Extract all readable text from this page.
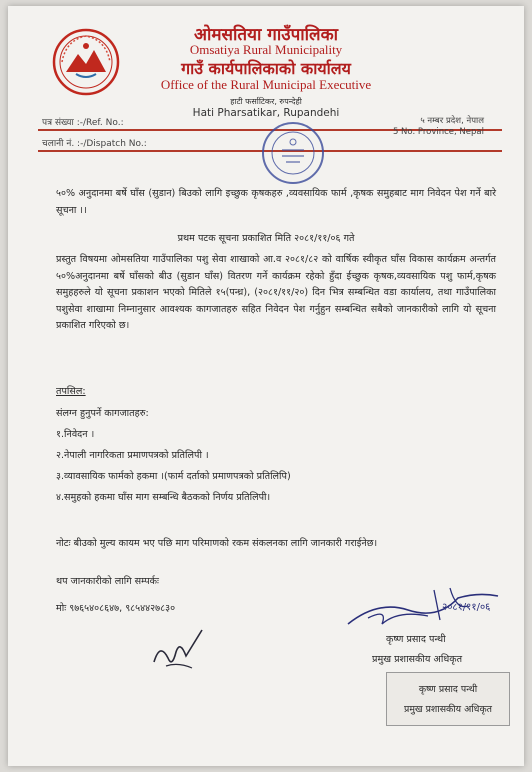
ओमसतिया गाउँपालिका
Omsatiya Rural Municipality
गाउँ कार्यपालिकाको कार्यालय
Office of the Rural Municipal Executive
हाटी फर्साटिकर, रुपन्देही
Hati Pharsatikar, Rupandehi
पत्र संख्या :-/Ref. No.:
चलानी नं. :-/Dispatch No.:
५ नम्बर प्रदेश, नेपाल
5 No. Province, Nepal
५०% अनुदानमा बर्षे घाँस (सुडान) बिउको लागि इच्छुक कृषकहरु ,व्यवसायिक फार्म ,कृषक समुहबाट माग निवेदन पेश गर्ने बारे सूचना ।।
प्रथम पटक सूचना प्रकाशित मिति २०८१/११/०६ गते
प्रस्तुत विषयमा ओमसतिया गाउँपालिका पशु सेवा शाखाको आ.व २०८१/८२ को वार्षिक स्वीकृत घाँस विकास कार्यक्रम अन्तर्गत ५०%अनुदानमा बर्षे घाँसको बीउ (सुडान घाँस) वितरण गर्ने कार्यक्रम रहेको हुँदा ईच्छुक कृषक,व्यवसायिक पशु फार्म,कृषक समुहहरुले यो सूचना प्रकाशन भएको मितिले १५(पन्ध्र), (२०८१/११/२०) दिन भित्र सम्बन्धित वडा कार्यालय, तथा गाउँपालिका पशुसेवा शाखामा निम्नानुसार आवश्यक कागजातहरु सहित निवेदन पेश गर्नुहुन सम्बन्धित सबैको जानकारीको लागि यो सूचना प्रकाशित गरिएको छ।
तपसिल:
संलग्न हुनुपर्ने कागजातहरु:
१.निवेदन ।
२.नेपाली नागरिकता प्रमाणपत्रको प्रतिलिपी ।
३.व्यावसायिक फार्मको हकमा ।(फार्म दर्ताको प्रमाणपत्रको प्रतिलिपि)
४.समुहको हकमा घाँस माग सम्बन्धि बैठकको निर्णय प्रतिलिपी।
नोटः बीउको मुल्य कायम भए पछि माग परिमाणको रकम संकलनका लागि जानकारी गराईनेछ।
थप जानकारीको लागि सम्पर्कः
मोः ९७६५४०८६४७, ९८५४४२७८३०	२०८१/११/०६
कृष्ण प्रसाद पन्थी
प्रमुख प्रशासकीय अधिकृत
कृष्ण प्रसाद पन्थी
प्रमुख प्रशासकीय अधिकृत
